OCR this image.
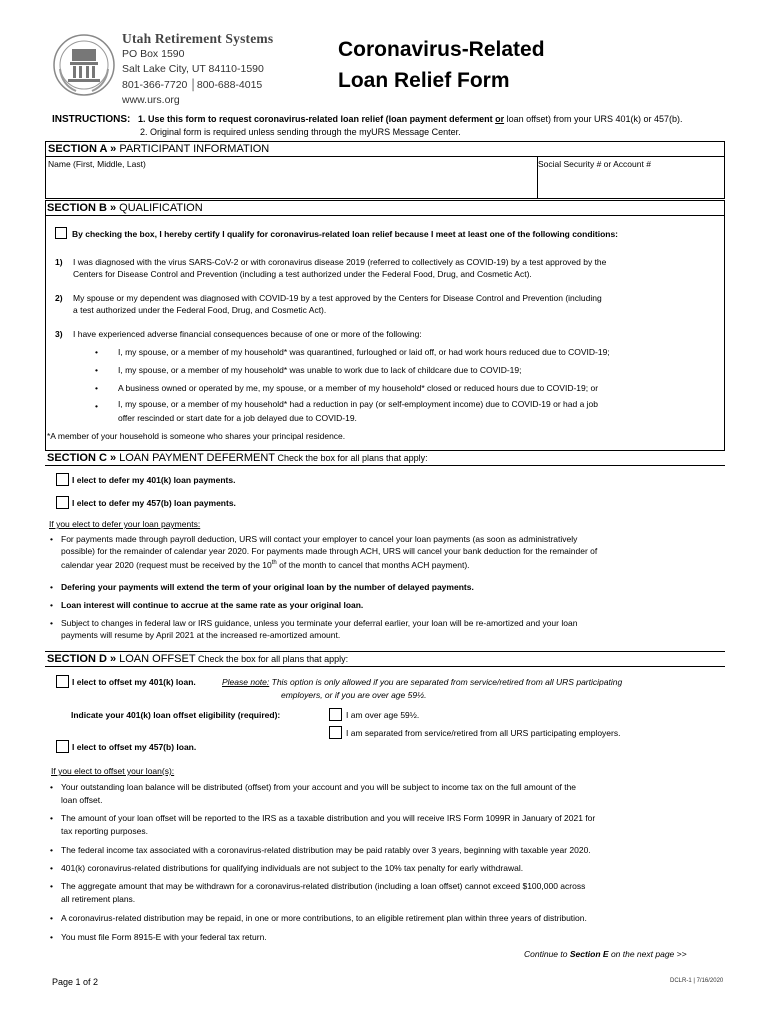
Utah Retirement Systems
PO Box 1590
Salt Lake City, UT 84110-1590
801-366-7720 │800-688-4015
www.urs.org
Coronavirus-Related
Loan Relief Form
INSTRUCTIONS: 1. Use this form to request coronavirus-related loan relief (loan payment deferment or loan offset) from your URS 401(k) or 457(b).
2. Original form is required unless sending through the myURS Message Center.
SECTION A » PARTICIPANT INFORMATION
Name (First, Middle, Last)	Social Security # or Account #
SECTION B » QUALIFICATION
By checking the box, I hereby certify I qualify for coronavirus-related loan relief because I meet at least one of the following conditions:
1) I was diagnosed with the virus SARS-CoV-2 or with coronavirus disease 2019 (referred to collectively as COVID-19) by a test approved by the
Centers for Disease Control and Prevention (including a test authorized under the Federal Food, Drug, and Cosmetic Act).
2) My spouse or my dependent was diagnosed with COVID-19 by a test approved by the Centers for Disease Control and Prevention (including
a test authorized under the Federal Food, Drug, and Cosmetic Act).
3) I have experienced adverse financial consequences because of one or more of the following:
• I, my spouse, or a member of my household* was quarantined, furloughed or laid off, or had work hours reduced due to COVID-19;
• I, my spouse, or a member of my household* was unable to work due to lack of childcare due to COVID-19;
• A business owned or operated by me, my spouse, or a member of my household* closed or reduced hours due to COVID-19; or
• I, my spouse, or a member of my household* had a reduction in pay (or self-employment income) due to COVID-19 or had a job
offer rescinded or start date for a job delayed due to COVID-19.
*A member of your household is someone who shares your principal residence.
SECTION C » LOAN PAYMENT DEFERMENT Check the box for all plans that apply:
I elect to defer my 401(k) loan payments.
I elect to defer my 457(b) loan payments.
If you elect to defer your loan payments:
• For payments made through payroll deduction, URS will contact your employer to cancel your loan payments (as soon as administratively
possible) for the remainder of calendar year 2020. For payments made through ACH, URS will cancel your bank deduction for the remainder of
calendar year 2020 (request must be received by the 10th of the month to cancel that months ACH payment).
• Defering your payments will extend the term of your original loan by the number of delayed payments.
• Loan interest will continue to accrue at the same rate as your original loan.
• Subject to changes in federal law or IRS guidance, unless you terminate your deferral earlier, your loan will be re-amortized and your loan
payments will resume by April 2021 at the increased re-amortized amount.
SECTION D » LOAN OFFSET Check the box for all plans that apply:
I elect to offset my 401(k) loan.	Please note: This option is only allowed if you are separated from service/retired from all URS participating
employers, or if you are over age 59½.
Indicate your 401(k) loan offset eligibility (required):	I am over age 59½.
I am separated from service/retired from all URS participating employers.
I elect to offset my 457(b) loan.
If you elect to offset your loan(s):
• Your outstanding loan balance will be distributed (offset) from your account and you will be subject to income tax on the full amount of the
loan offset.
• The amount of your loan offset will be reported to the IRS as a taxable distribution and you will receive IRS Form 1099R in January of 2021 for
tax reporting purposes.
• The federal income tax associated with a coronavirus-related distribution may be paid ratably over 3 years, beginning with taxable year 2020.
• 401(k) coronavirus-related distributions for qualifying individuals are not subject to the 10% tax penalty for early withdrawal.
• The aggregate amount that may be withdrawn for a coronavirus-related distribution (including a loan offset) cannot exceed $100,000 across
all retirement plans.
• A coronavirus-related distribution may be repaid, in one or more contributions, to an eligible retirement plan within three years of distribution.
• You must file Form 8915-E with your federal tax return.
Continue to Section E on the next page >>
Page 1 of 2	DCLR-1 | 7/16/2020
